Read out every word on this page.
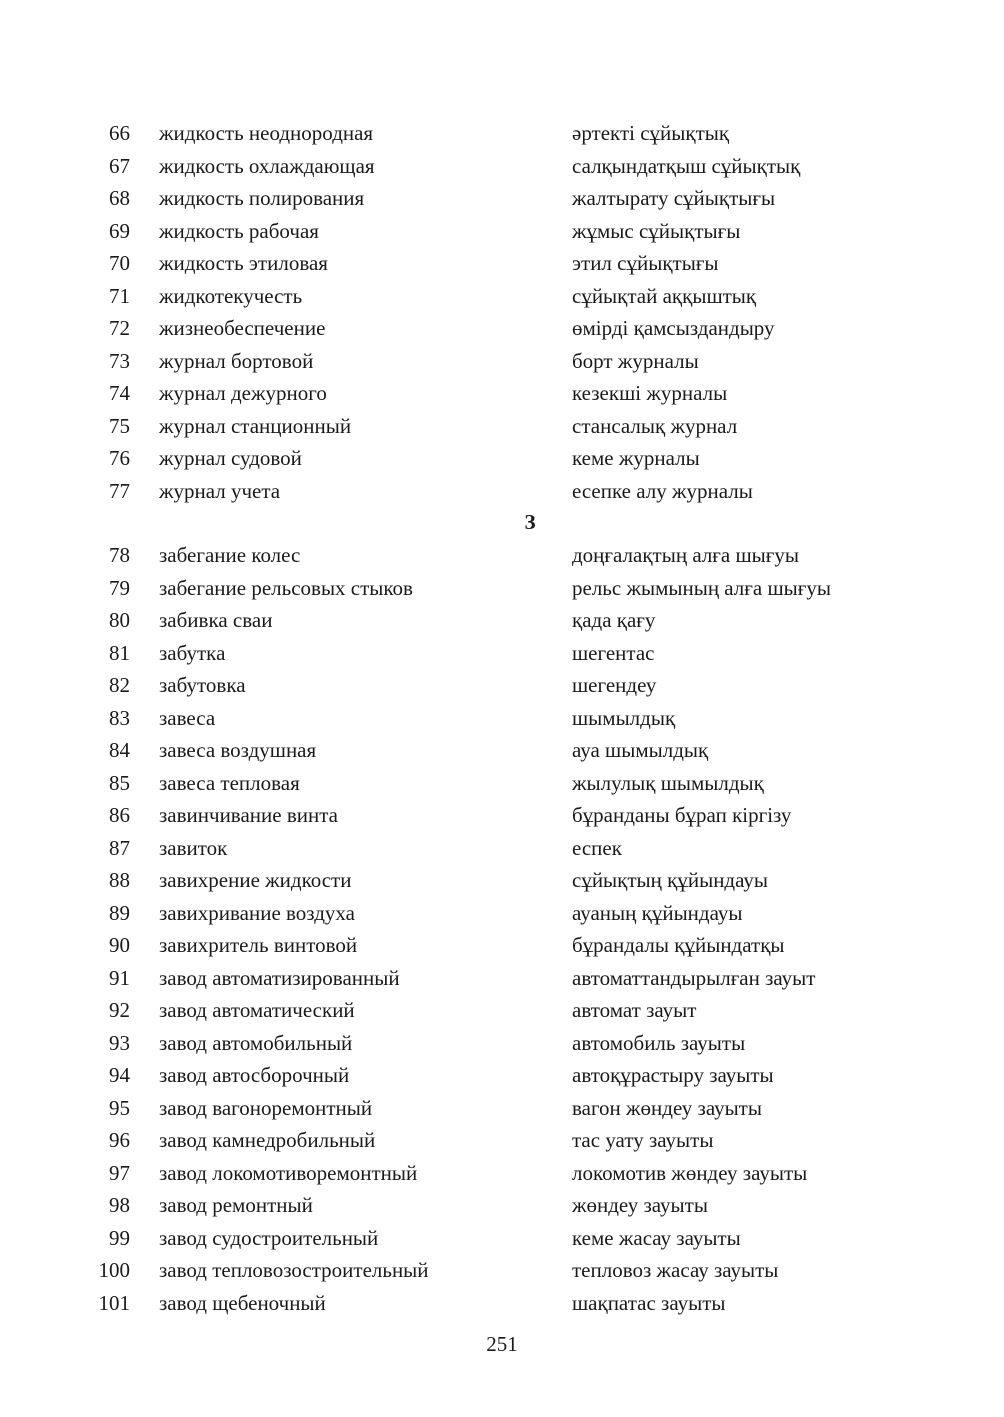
66 жидкость неоднородная	әртекті сұйықтық
67 жидкость охлаждающая	салқындатқыш сұйықтық
68 жидкость полирования	жалтырату сұйықтығы
69 жидкость рабочая	жұмыс сұйықтығы
70 жидкость этиловая	этил сұйықтығы
71 жидкотекучесть	сұйықтай аққыштық
72 жизнеобеспечение	өмірді қамсыздандыру
73 журнал бортовой	борт журналы
74 журнал дежурного	кезекші журналы
75 журнал станционный	стансалық журнал
76 журнал судовой	кеме журналы
77 журнал учета	есепке алу журналы
З
78 забегание колес	доңғалақтың алға шығуы
79 забегание рельсовых стыков	рельс жымының алға шығуы
80 забивка сваи	қада қағу
81 забутка	шегентас
82 забутовка	шегендеу
83 завеса	шымылдық
84 завеса воздушная	ауа шымылдық
85 завеса тепловая	жылулық шымылдық
86 завинчивание винта	бұранданы бұрап кіргізу
87 завиток	еспек
88 завихрение жидкости	сұйықтың құйындауы
89 завихривание воздуха	ауаның құйындауы
90 завихритель винтовой	бұрандалы құйындатқы
91 завод автоматизированный	автоматтандырылған зауыт
92 завод автоматический	автомат зауыт
93 завод автомобильный	автомобиль зауыты
94 завод автосборочный	автоқұрастыру зауыты
95 завод вагоноремонтный	вагон жөндеу зауыты
96 завод камнедробильный	тас уату зауыты
97 завод локомотиворемонтный	локомотив жөндеу зауыты
98 завод ремонтный	жөндеу зауыты
99 завод судостроительный	кеме жасау зауыты
100 завод тепловозостроительный	тепловоз жасау зауыты
101 завод щебеночный	шақпатас зауыты
251
